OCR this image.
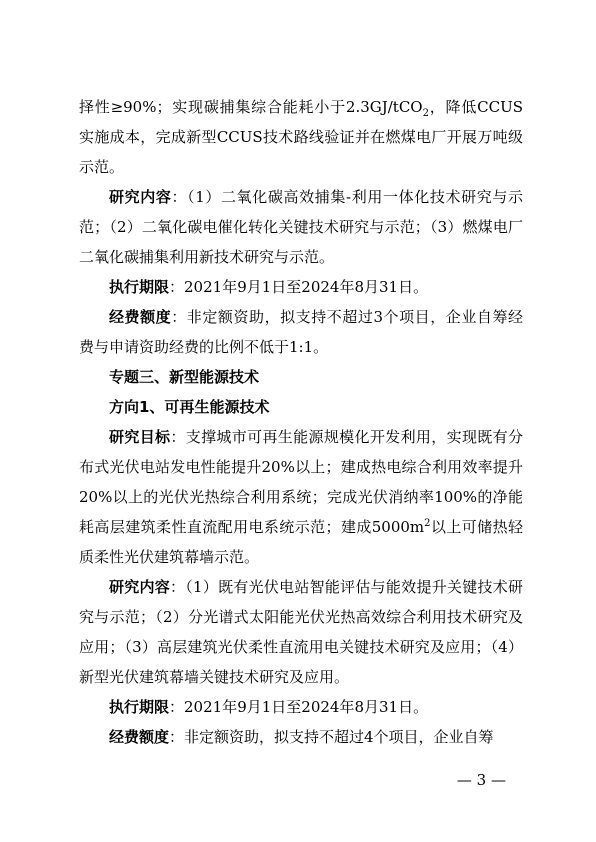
择性≥90%；实现碳捕集综合能耗小于2.3GJ/tCO$_2$，降低CCUS实施成本，完成新型CCUS技术路线验证并在燃煤电厂开展万吨级示范。

研究内容：（1）二氧化碳高效捕集-利用一体化技术研究与示范；（2）二氧化碳电催化转化关键技术研究与示范；（3）燃煤电厂二氧化碳捕集利用新技术研究与示范。

执行期限：2021年9月1日至2024年8月31日。

经费额度：非定额资助，拟支持不超过3个项目，企业自筹经费与申请资助经费的比例不低于1:1。

专题三、新型能源技术

方向1、可再生能源技术

研究目标：支撑城市可再生能源规模化开发利用，实现既有分布式光伏电站发电性能提升20%以上；建成热电综合利用效率提升20%以上的光伏光热综合利用系统；完成光伏消纳率100%的净能耗高层建筑柔性直流配用电系统示范；建成$5000m^2$以上可储热轻质柔性光伏建筑幕墙示范。

研究内容：（1）既有光伏电站智能评估与能效提升关键技术研究与示范；（2）分光谱式太阳能光伏光热高效综合利用技术研究及应用；（3）高层建筑光伏柔性直流用电关键技术研究及应用；（4）新型光伏建筑幕墙关键技术研究及应用。

执行期限：2021年9月1日至2024年8月31日。

经费额度：非定额资助，拟支持不超过4个项目，企业自筹

— 3 —
